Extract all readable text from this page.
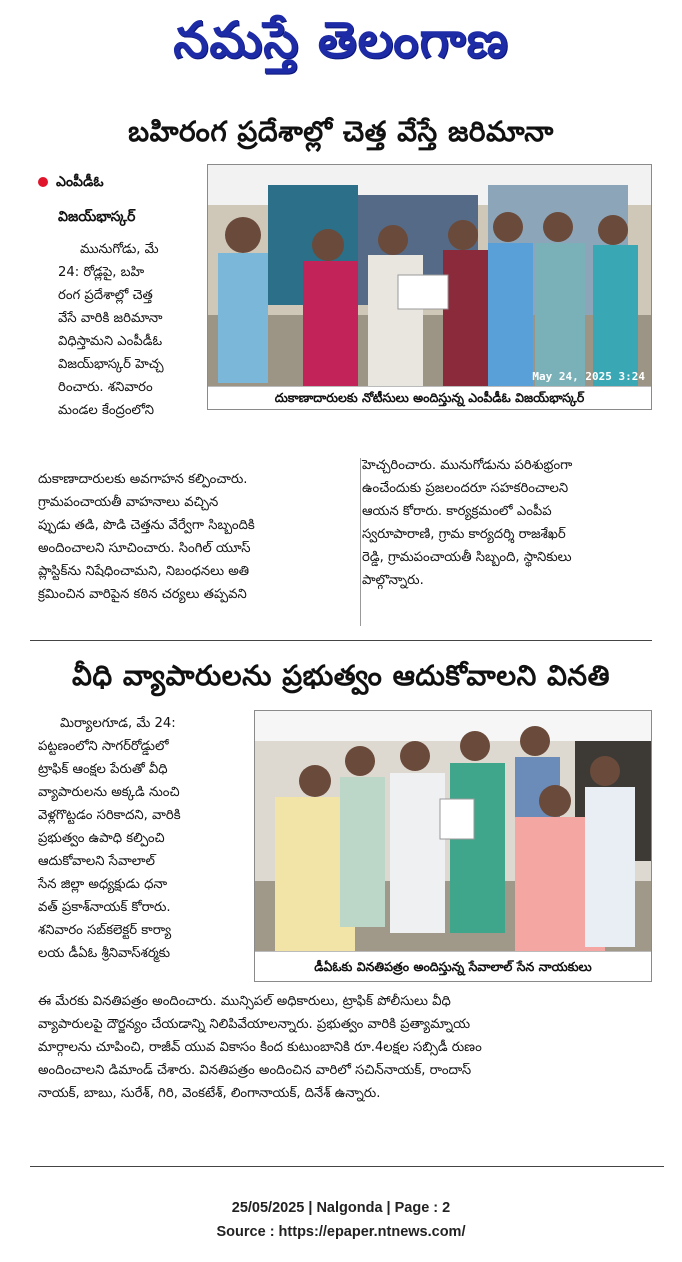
నమస్తే తెలంగాణ
బహిరంగ ప్రదేశాల్లో చెత్త వేస్తే జరిమానా
ఎంపీడీఓ
విజయ్‌భాస్కర్

మునుగోడు, మే

24: రోడ్లపై, బహి

రంగ ప్రదేశాల్లో చెత్త

వేసే వారికి జరిమానా

విధిస్తామని ఎంపీడీఓ

విజయ్‌భాస్కర్ హెచ్చ

రించారు. శనివారం

మండల కేంద్రంలోని

May 24, 2025 3:24
దుకాణాదారులకు నోటీసులు అందిస్తున్న ఎంపీడీఓ విజయ్‌భాస్కర్

దుకాణాదారులకు అవగాహన కల్పించారు.

గ్రామపంచాయతీ వాహనాలు వచ్చిన

ప్పుడు తడి, పొడి చెత్తను వేర్వేగా సిబ్బందికి

అందించాలని సూచించారు. సింగిల్ యూస్

ప్లాస్టిక్‌ను నిషేధించామని, నిబంధనలు అతి

క్రమించిన వారిపైన కఠిన చర్యలు తప్పవని

హెచ్చరించారు. మునుగోడును పరిశుభ్రంగా

ఉంచేందుకు ప్రజలందరూ సహకరించాలని

ఆయన కోరారు. కార్యక్రమంలో ఎంపీప

స్వరూపారాణి, గ్రామ కార్యదర్శి రాజశేఖర్

రెడ్డి, గ్రామపంచాయతీ సిబ్బంది, స్థానికులు

పాల్గొన్నారు.

వీధి వ్యాపారులను ప్రభుత్వం ఆదుకోవాలని వినతి

మిర్యాలగూడ, మే 24:

పట్టణంలోని సాగర్‌రోడ్డులో

ట్రాఫిక్ ఆంక్షల పేరుతో వీధి

వ్యాపారులను అక్కడి నుంచి

వెళ్లగొట్టడం సరికాదని, వారికి

ప్రభుత్వం ఉపాధి కల్పించి

ఆదుకోవాలని సేవాలాల్

సేన జిల్లా అధ్యక్షుడు ధనా

వత్ ప్రకాశ్‌నాయక్ కోరారు.

శనివారం సబ్‌కలెక్టర్ కార్యా

లయ డీఏఓ శ్రీనివాస్‌శర్మకు

డీఏఓకు వినతిపత్రం అందిస్తున్న సేవాలాల్ సేన నాయకులు

ఈ మేరకు వినతిపత్రం అందించారు. మున్సిపల్ అధికారులు, ట్రాఫిక్ పోలీసులు వీధి

వ్యాపారులపై దౌర్జన్యం చేయడాన్ని నిలిపివేయాలన్నారు. ప్రభుత్వం వారికి ప్రత్యామ్నాయ

మార్గాలను చూపించి, రాజీవ్ యువ వికాసం కింద కుటుంబానికి రూ.4లక్షల సబ్సిడీ రుణం

అందించాలని డిమాండ్ చేశారు. వినతిపత్రం అందించిన వారిలో సచిన్‌నాయక్, రాందాస్

నాయక్, బాబు, సురేశ్, గిరి, వెంకటేశ్, లింగానాయక్, దినేశ్ ఉన్నారు.

25/05/2025 | Nalgonda | Page : 2
Source : https://epaper.ntnews.com/
